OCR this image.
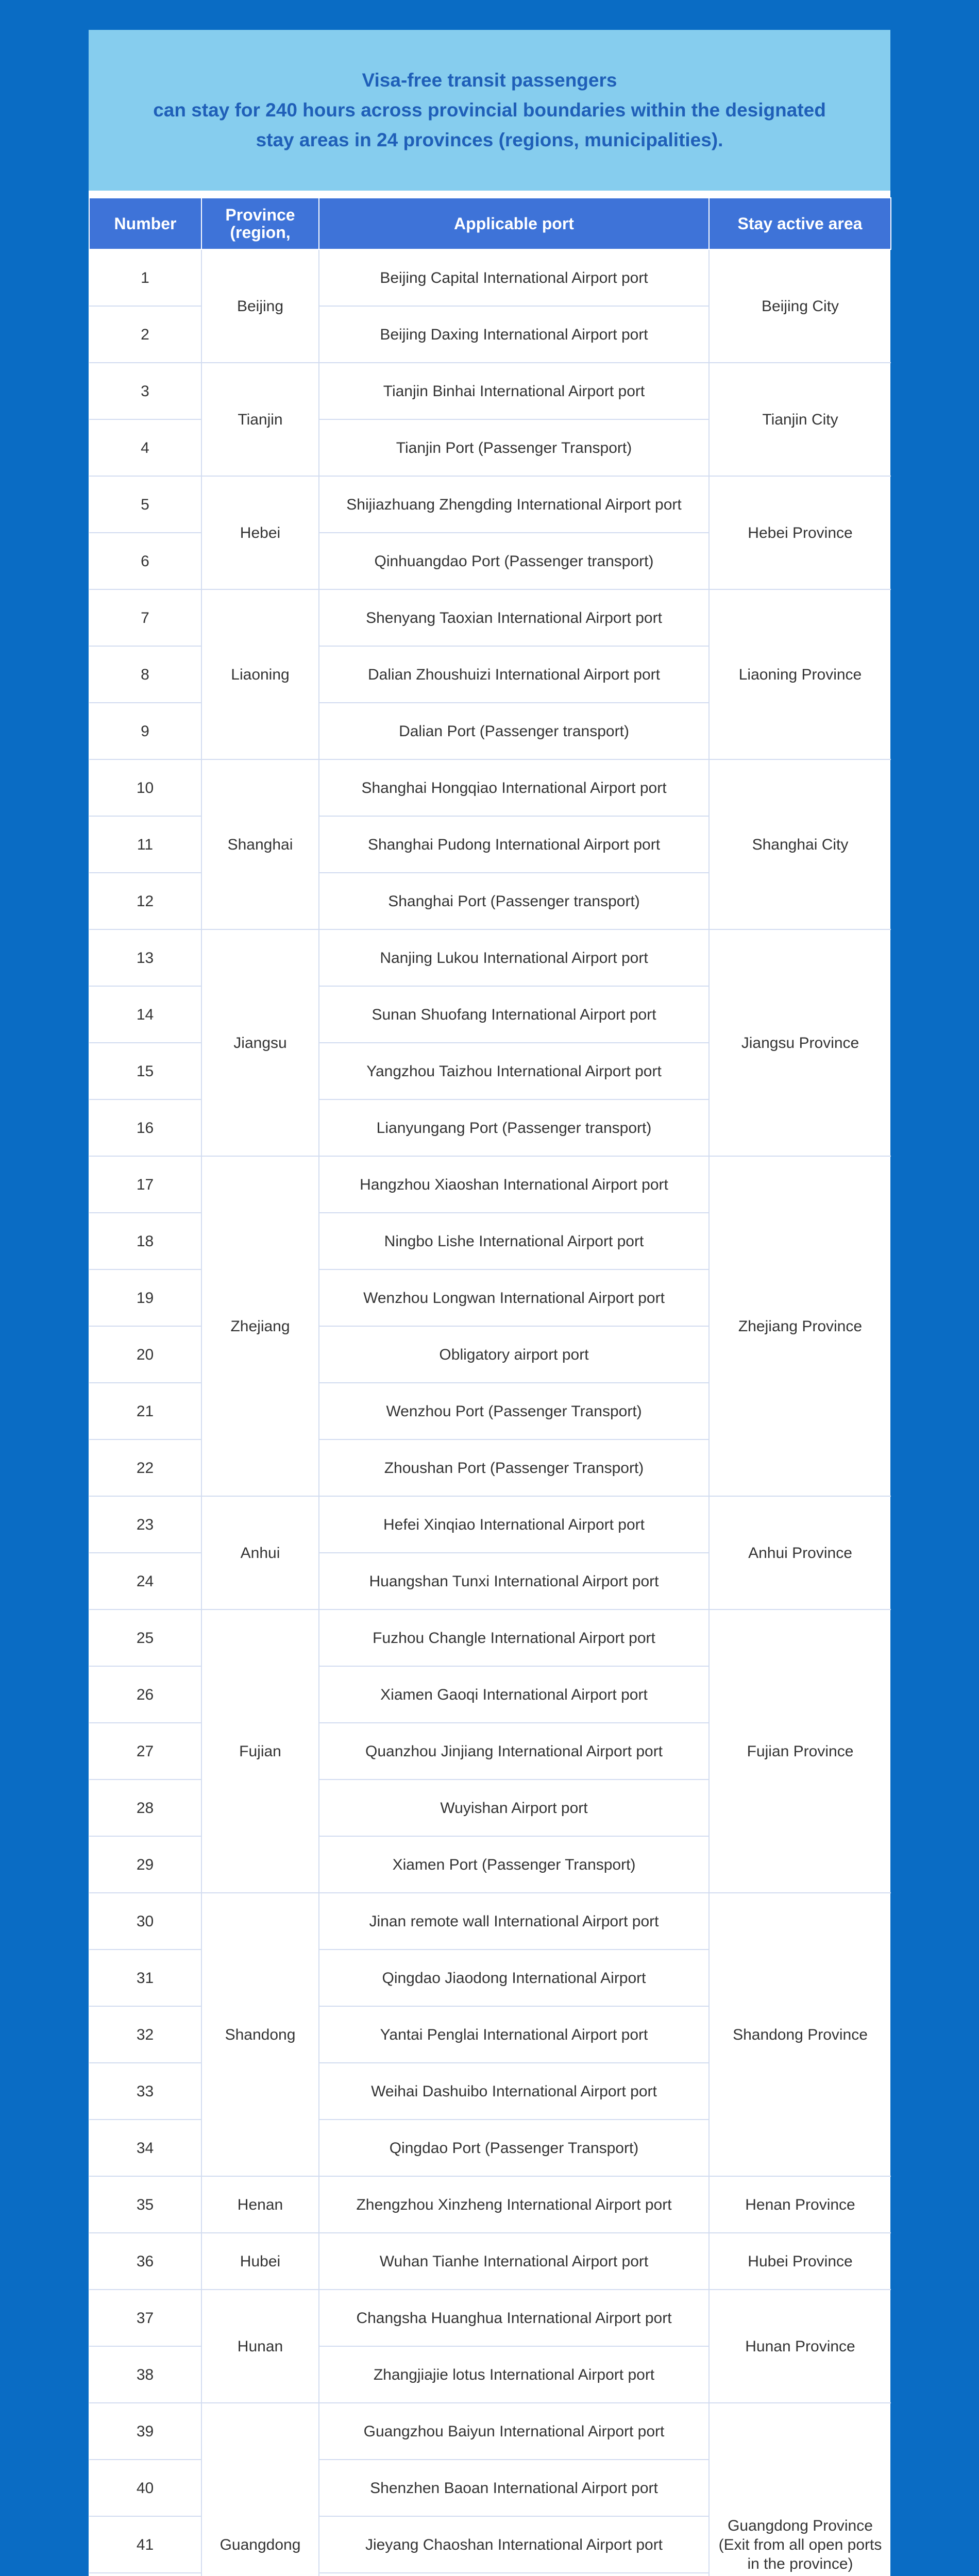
Visa-free transit passengers
can stay for 240 hours across provincial boundaries within the designated
stay areas in 24 provinces (regions, municipalities).
Number	Province (region,	Applicable port	Stay active area
1	Beijing	Beijing Capital International Airport port	Beijing City
2		Beijing Daxing International Airport port	
3	Tianjin	Tianjin Binhai International Airport port	Tianjin City
4		Tianjin Port (Passenger Transport)	
5	Hebei	Shijiazhuang Zhengding International Airport port	Hebei Province
6		Qinhuangdao Port (Passenger transport)	
7	Liaoning	Shenyang Taoxian International Airport port	Liaoning Province
8		Dalian Zhoushuizi International Airport port	
9		Dalian Port (Passenger transport)	
10	Shanghai	Shanghai Hongqiao International Airport port	Shanghai City
11		Shanghai Pudong International Airport port	
12		Shanghai Port (Passenger transport)	
13	Jiangsu	Nanjing Lukou International Airport port	Jiangsu Province
14		Sunan Shuofang International Airport port	
15		Yangzhou Taizhou International Airport port	
16		Lianyungang Port (Passenger transport)	
17	Zhejiang	Hangzhou Xiaoshan International Airport port	Zhejiang Province
18		Ningbo Lishe International Airport port	
19		Wenzhou Longwan International Airport port	
20		Obligatory airport port	
21		Wenzhou Port (Passenger Transport)	
22		Zhoushan Port (Passenger Transport)	
23	Anhui	Hefei Xinqiao International Airport port	Anhui Province
24		Huangshan Tunxi International Airport port	
25	Fujian	Fuzhou Changle International Airport port	Fujian Province
26		Xiamen Gaoqi International Airport port	
27		Quanzhou Jinjiang International Airport port	
28		Wuyishan Airport port	
29		Xiamen Port (Passenger Transport)	
30	Shandong	Jinan remote wall International Airport port	Shandong Province
31		Qingdao Jiaodong International Airport	
32		Yantai Penglai International Airport port	
33		Weihai Dashuibo International Airport port	
34		Qingdao Port (Passenger Transport)	
35	Henan	Zhengzhou Xinzheng International Airport port	Henan Province
36	Hubei	Wuhan Tianhe International Airport port	Hubei Province
37	Hunan	Changsha Huanghua International Airport port	Hunan Province
38		Zhangjiajie lotus International Airport port	
39	Guangdong	Guangzhou Baiyun International Airport port	Guangdong Province (Exit from all open ports in the province)
40		Shenzhen Baoan International Airport port	
41		Jieyang Chaoshan International Airport port	
